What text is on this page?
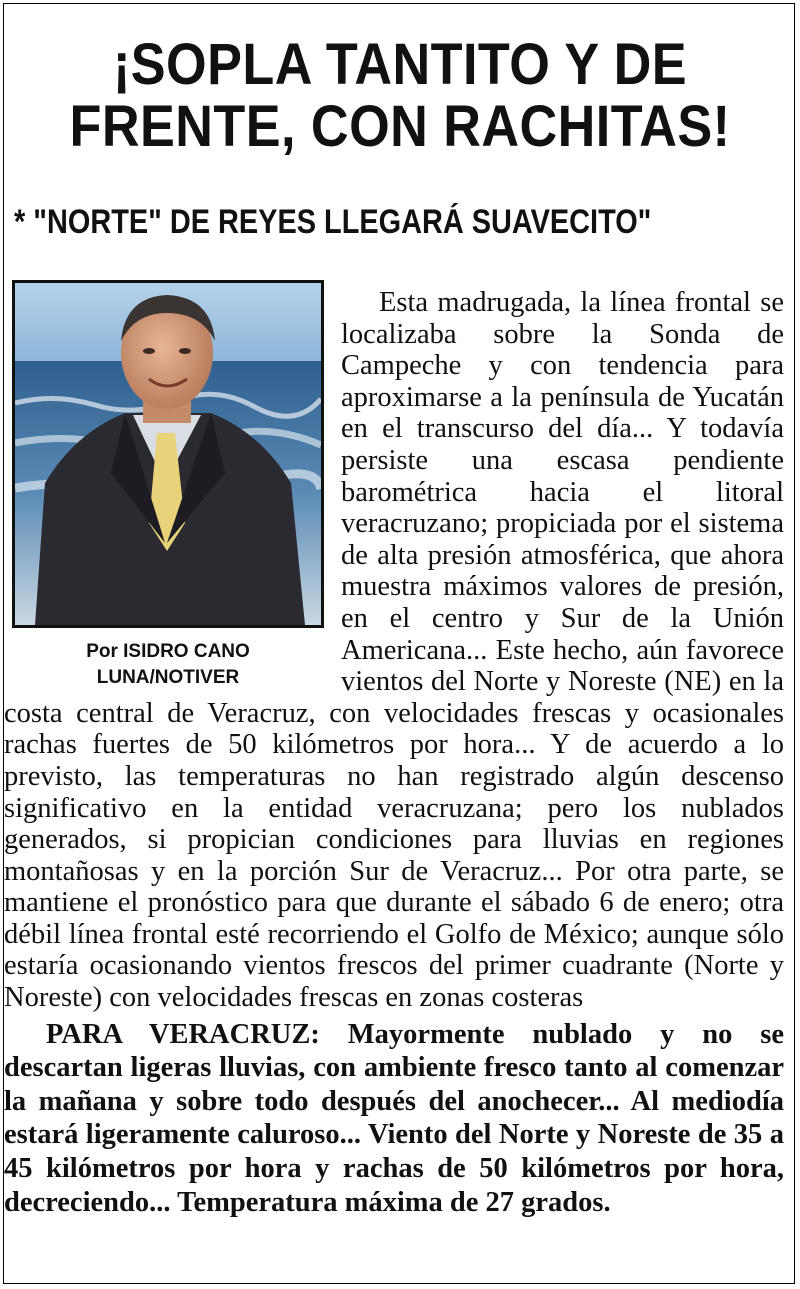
¡SOPLA TANTITO Y DE
FRENTE, CON RACHITAS!
* "NORTE" DE REYES LLEGARÁ SUAVECITO"
Por ISIDRO CANO
LUNA/NOTIVER

Esta madrugada, la línea frontal se localizaba sobre la Sonda de Campeche y con tendencia para aproximarse a la península de Yucatán en el transcurso del día... Y todavía persiste una escasa pendiente barométrica hacia el litoral veracruzano; propiciada por el sistema de alta presión atmosférica, que ahora muestra máximos valores de presión, en el centro y Sur de la Unión Americana... Este hecho, aún favorece vientos del Norte y Noreste (NE) en la costa central de Veracruz, con velocidades frescas y ocasionales rachas fuertes de 50 kilómetros por hora... Y de acuerdo a lo previsto, las temperaturas no han registrado algún descenso significativo en la entidad veracruzana; pero los nublados generados, si propician condiciones para lluvias en regiones montañosas y en la porción Sur de Veracruz... Por otra parte, se mantiene el pronóstico para que durante el sábado 6 de enero; otra débil línea frontal esté recorriendo el Golfo de México; aunque sólo estaría ocasionando vientos frescos del primer cuadrante (Norte y Noreste) con velocidades frescas en zonas costeras

PARA VERACRUZ: Mayormente nublado y no se descartan ligeras lluvias, con ambiente fresco tanto al comenzar la mañana y sobre todo después del anochecer... Al mediodía estará ligeramente caluroso... Viento del Norte y Noreste de 35 a 45 kilómetros por hora y rachas de 50 kilómetros por hora, decreciendo... Temperatura máxima de 27 grados.
